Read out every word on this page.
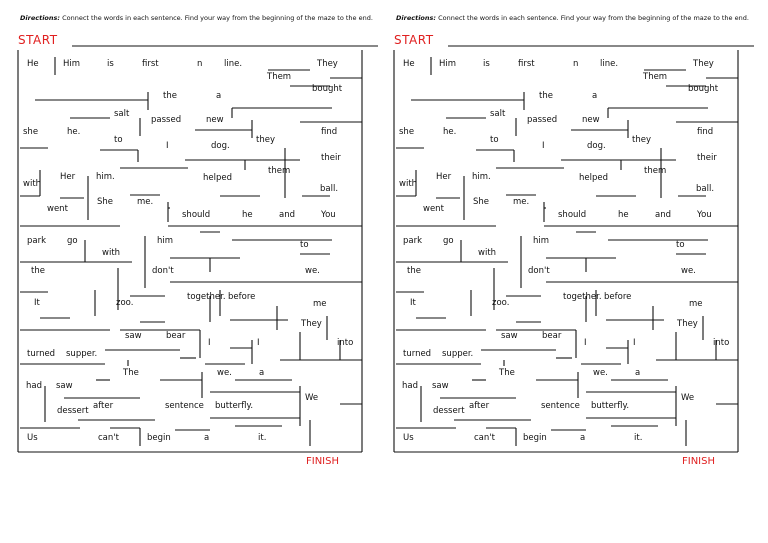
Directions: Connect the words in each sentence. Find your way from the beginning of the maze to the end.
START
He	Him	is	first	n	line.	They
Them
bought
the	a
salt
passed	new
she	he.
to
I	dog.
they
find
their
them
with
Her him.	helped
ball.
She	me.
went
should	he	and	You
park go	him	to
with
the	don't	we.
It	zoo.
together. before
me
They
saw	bear
I	I	into
turned supper.
The	we.	a
had saw
We
dessert after	sentence butterfly.
Us	can't	begin	a	it.
FINISH
Directions: Connect the words in each sentence. Find your way from the beginning of the maze to the end.
START
He	Him	is	first	n	line.	They
Them
bought
the	a
salt
passed	new
she	he.
to
I	dog.
they
find
their
them
with
Her him.	helped
ball.
She	me.
went
should	he	and	You
park go	him	to
with
the	don't	we.
It	zoo.
together. before
me
They
saw	bear
I	I	into
turned supper.
The	we.	a
had saw
We
dessert after	sentence butterfly.
Us	can't	begin	a	it.
FINISH
